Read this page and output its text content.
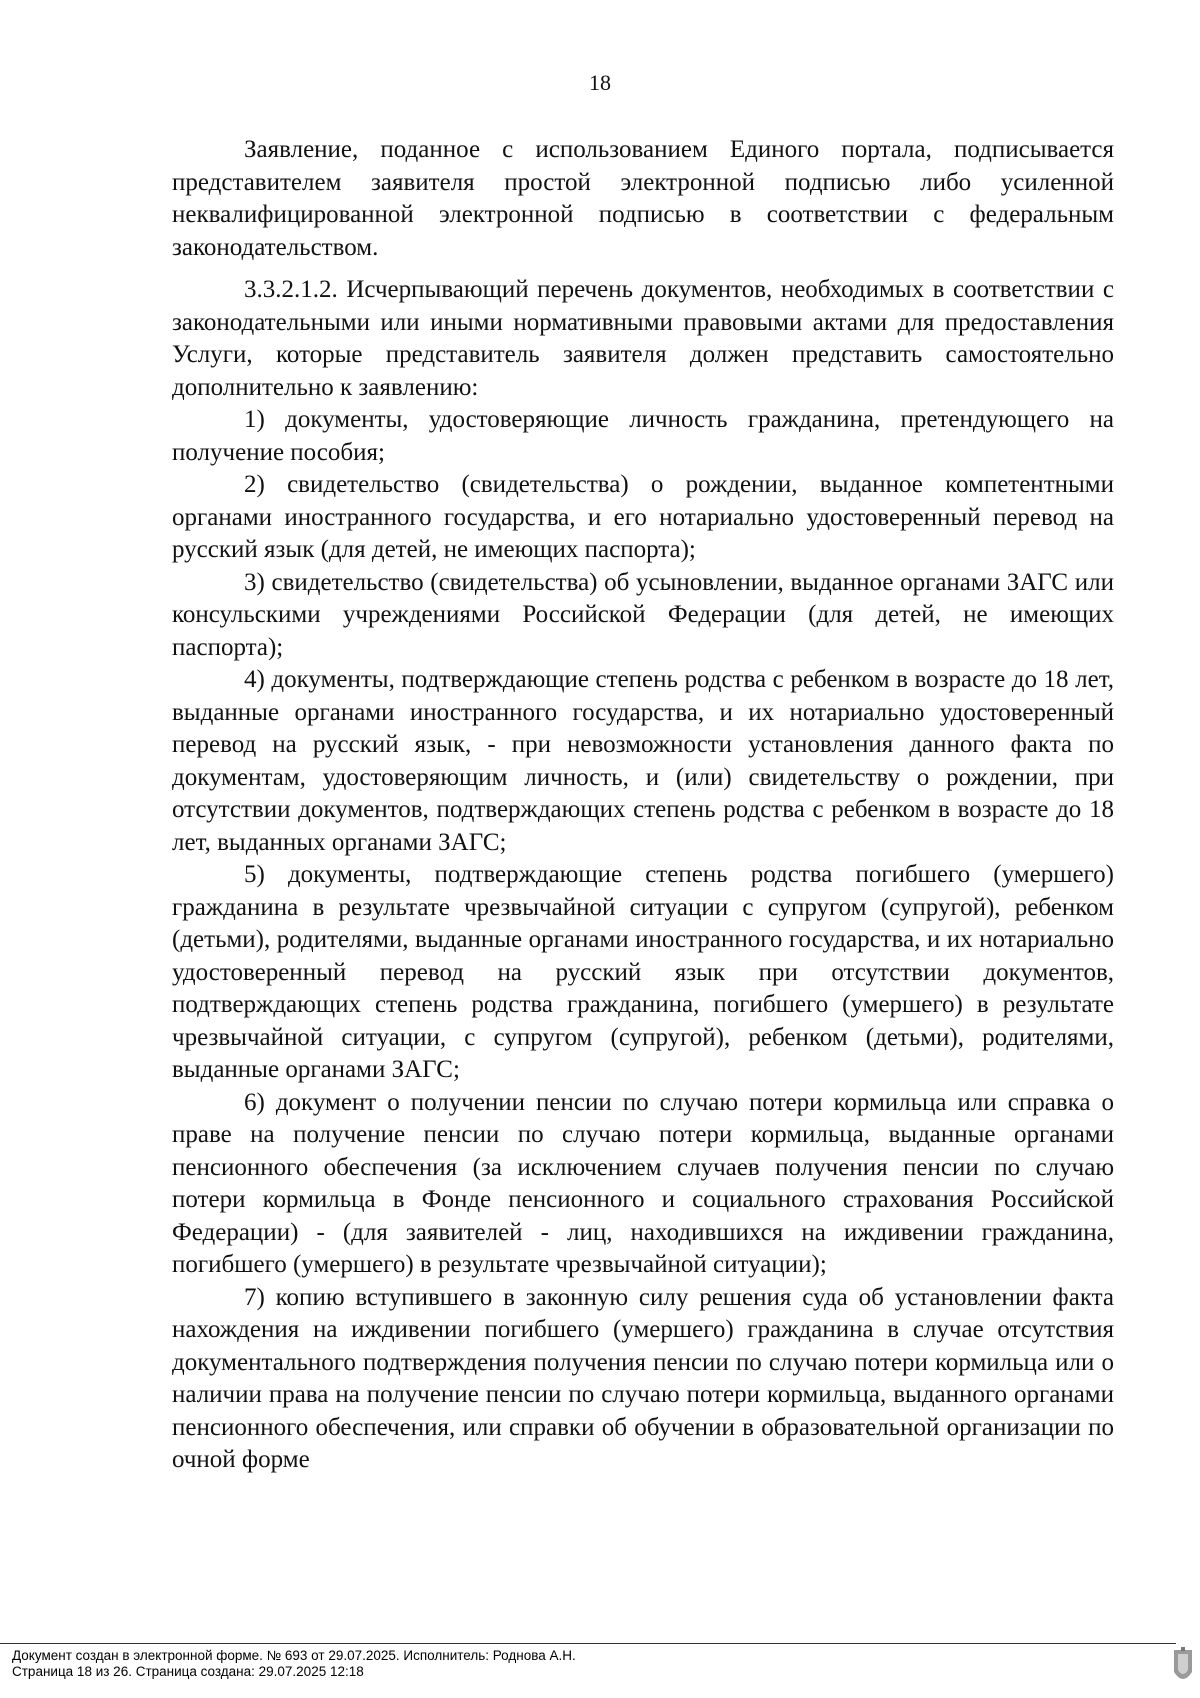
18

Заявление, поданное с использованием Единого портала, подписывается представителем заявителя простой электронной подписью либо усиленной неквалифицированной электронной подписью в соответствии с федеральным законодательством.

3.3.2.1.2. Исчерпывающий перечень документов, необходимых в соответствии с законодательными или иными нормативными правовыми актами для предоставления Услуги, которые представитель заявителя должен представить самостоятельно дополнительно к заявлению:

1) документы, удостоверяющие личность гражданина, претендующего на получение пособия;

2) свидетельство (свидетельства) о рождении, выданное компетентными органами иностранного государства, и его нотариально удостоверенный перевод на русский язык (для детей, не имеющих паспорта);

3) свидетельство (свидетельства) об усыновлении, выданное органами ЗАГС или консульскими учреждениями Российской Федерации (для детей, не имеющих паспорта);

4) документы, подтверждающие степень родства с ребенком в возрасте до 18 лет, выданные органами иностранного государства, и их нотариально удостоверенный перевод на русский язык, - при невозможности установления данного факта по документам, удостоверяющим личность, и (или) свидетельству о рождении, при отсутствии документов, подтверждающих степень родства с ребенком в возрасте до 18 лет, выданных органами ЗАГС;

5) документы, подтверждающие степень родства погибшего (умершего) гражданина в результате чрезвычайной ситуации с супругом (супругой), ребенком (детьми), родителями, выданные органами иностранного государства, и их нотариально удостоверенный перевод на русский язык при отсутствии документов, подтверждающих степень родства гражданина, погибшего (умершего) в результате чрезвычайной ситуации, с супругом (супругой), ребенком (детьми), родителями, выданные органами ЗАГС;

6) документ о получении пенсии по случаю потери кормильца или справка о праве на получение пенсии по случаю потери кормильца, выданные органами пенсионного обеспечения (за исключением случаев получения пенсии по случаю потери кормильца в Фонде пенсионного и социального страхования Российской Федерации) - (для заявителей - лиц, находившихся на иждивении гражданина, погибшего (умершего) в результате чрезвычайной ситуации);

7) копию вступившего в законную силу решения суда об установлении факта нахождения на иждивении погибшего (умершего) гражданина в случае отсутствия документального подтверждения получения пенсии по случаю потери кормильца или о наличии права на получение пенсии по случаю потери кормильца, выданного органами пенсионного обеспечения, или справки об обучении в образовательной организации по очной форме

Документ создан в электронной форме. № 693 от 29.07.2025. Исполнитель: Роднова А.Н.
Страница 18 из 26. Страница создана: 29.07.2025 12:18
